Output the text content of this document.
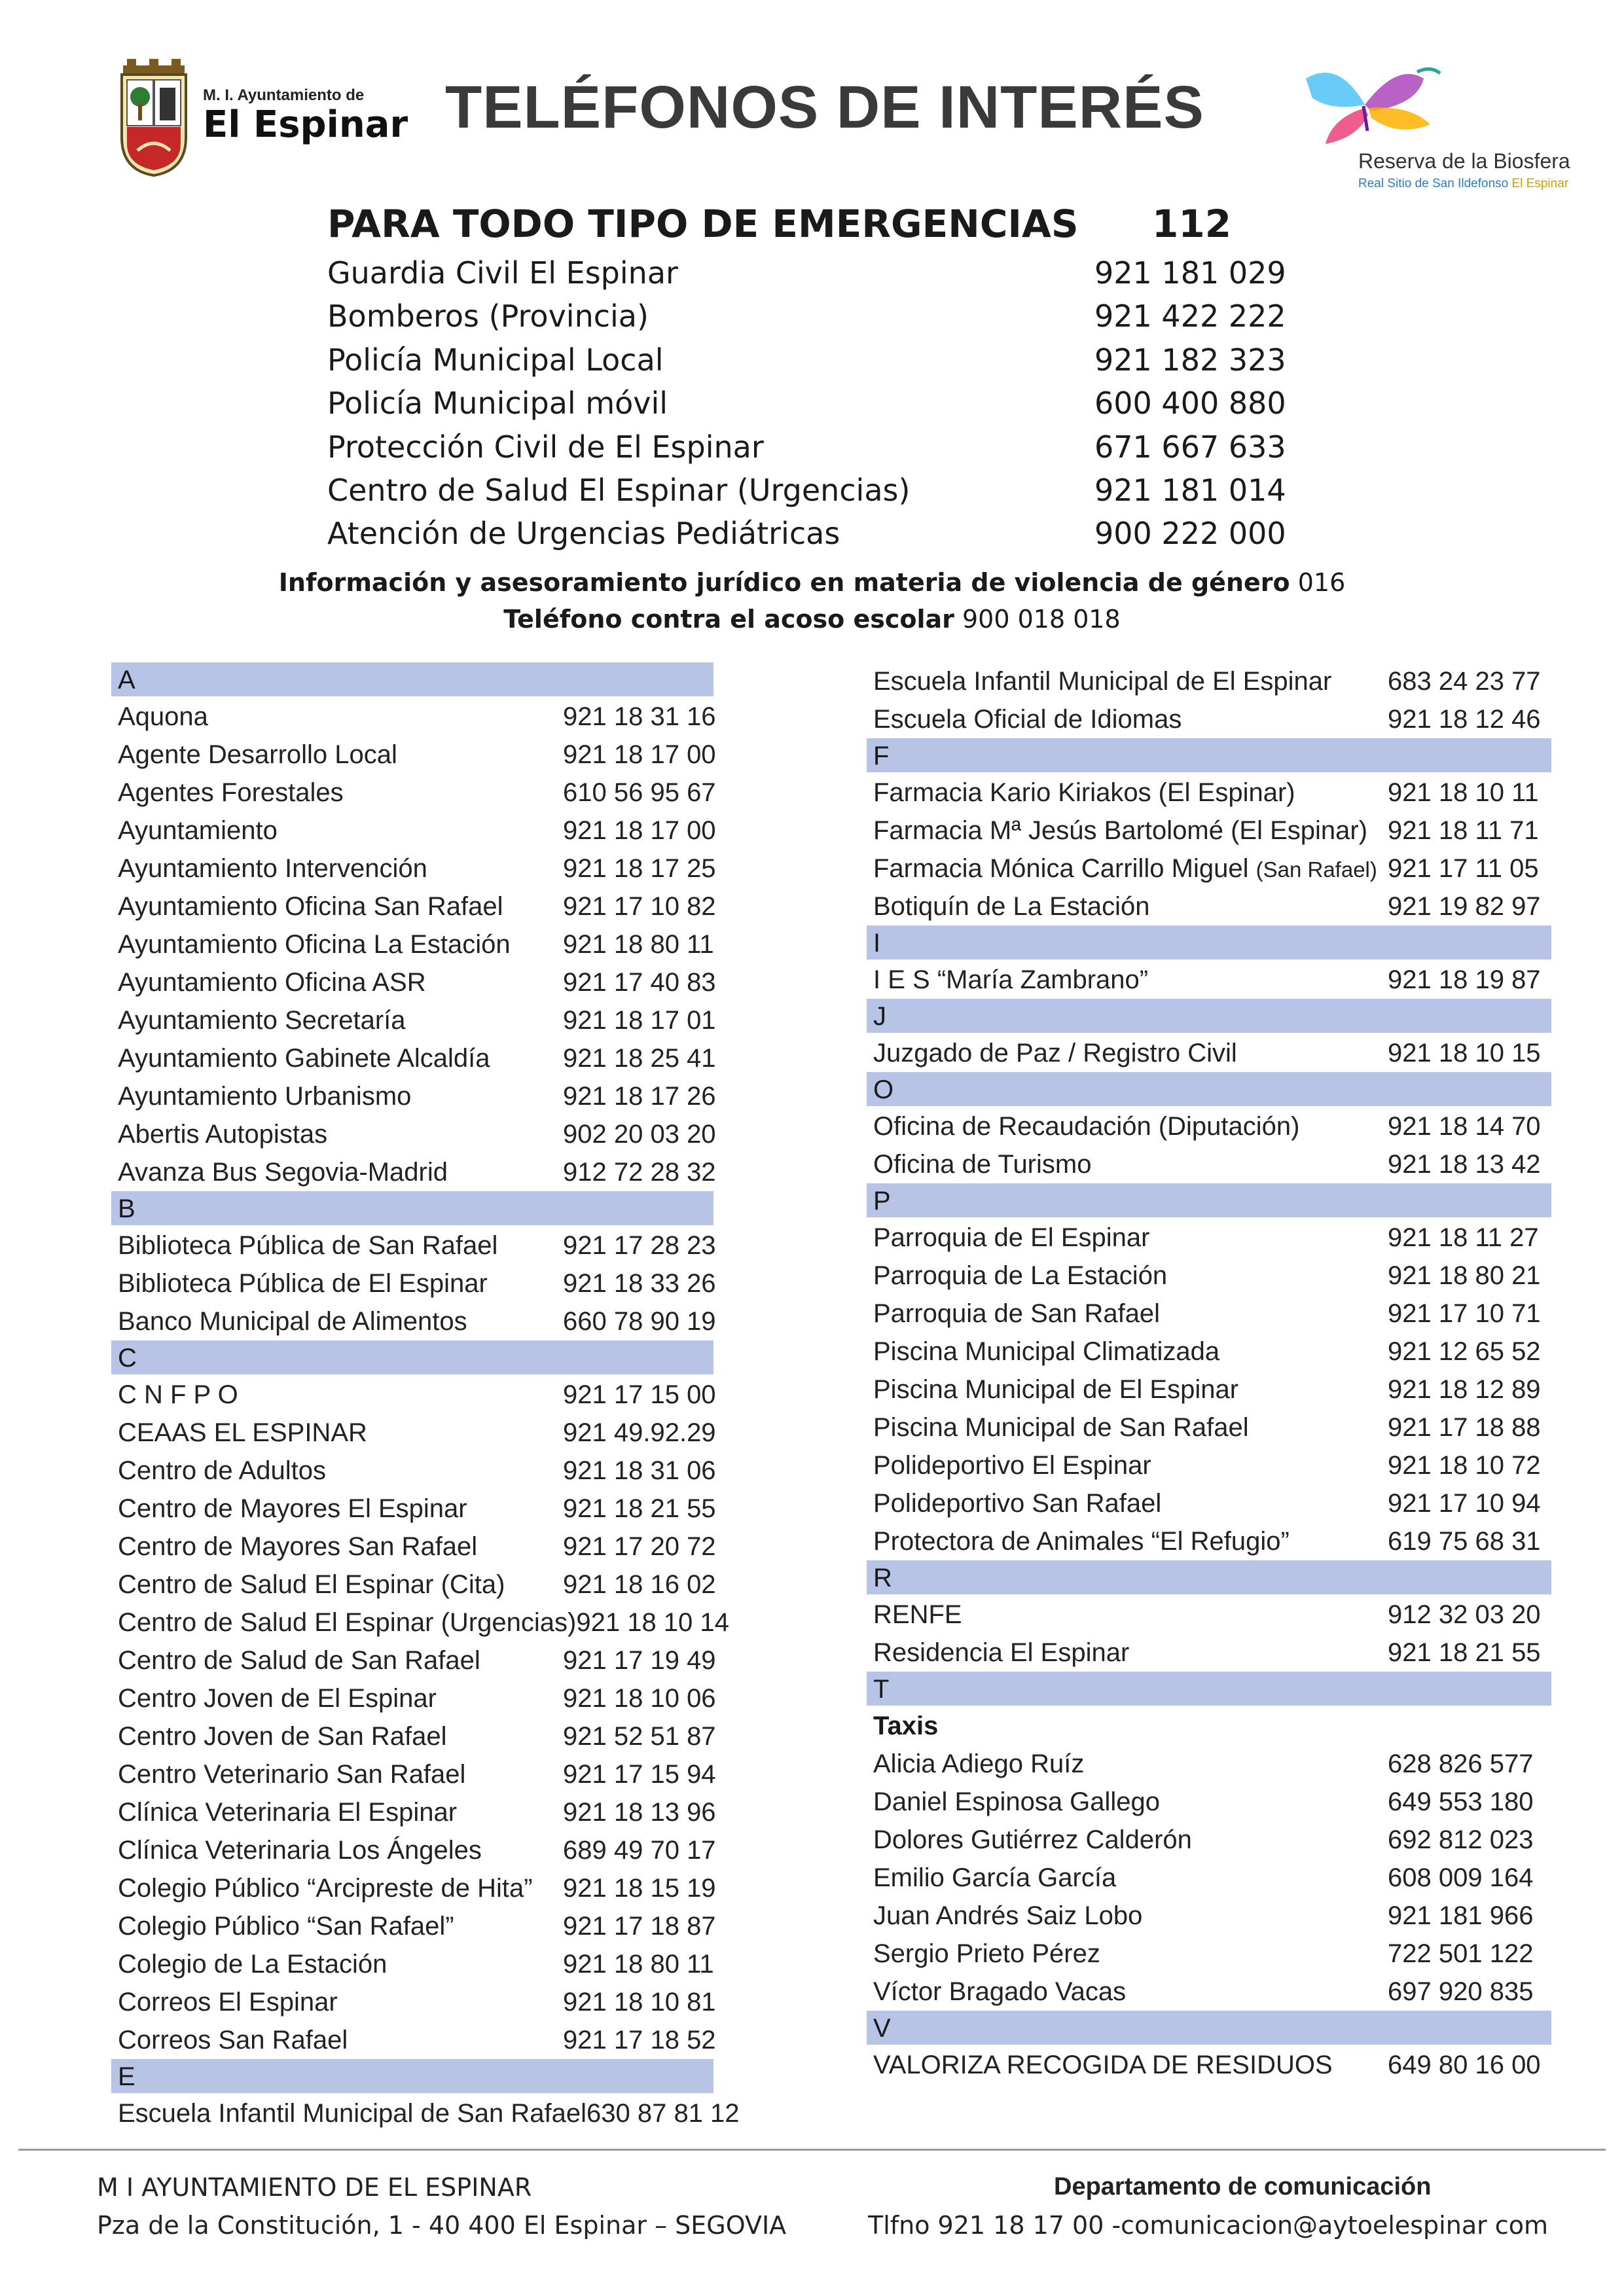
M. I. Ayuntamiento de
El Espinar TELÉFONOS DE INTERÉS
Reserva de la Biosfera
Real Sitio de San Ildefonso El Espinar
PARA TODO TIPO DE EMERGENCIAS 112
Guardia Civil El Espinar	921 181 029
Bomberos (Provincia)	921 422 222
Policía Municipal Local	921 182 323
Policía Municipal móvil	600 400 880
Protección Civil de El Espinar	671 667 633
Centro de Salud El Espinar (Urgencias)	921 181 014
Atención de Urgencias Pediátricas	900 222 000
Información y asesoramiento jurídico en materia de violencia de género 016
Teléfono contra el acoso escolar 900 018 018
A
Aquona	921 18 31 16
Agente Desarrollo Local	921 18 17 00
Agentes Forestales	610 56 95 67
Ayuntamiento	921 18 17 00
Ayuntamiento Intervención	921 18 17 25
Ayuntamiento Oficina San Rafael 921 17 10 82
Ayuntamiento Oficina La Estación 921 18 80 11
Ayuntamiento Oficina ASR	921 17 40 83
Ayuntamiento Secretaría	921 18 17 01
Ayuntamiento Gabinete Alcaldía	921 18 25 41
Ayuntamiento Urbanismo	921 18 17 26
Abertis Autopistas	902 20 03 20
Avanza Bus Segovia-Madrid	912 72 28 32
B
Biblioteca Pública de San Rafael 921 17 28 23
Biblioteca Pública de El Espinar	921 18 33 26
Banco Municipal de Alimentos	660 78 90 19
C
C N F P O	921 17 15 00
CEAAS EL ESPINAR	921 49.92.29
Centro de Adultos	921 18 31 06
Centro de Mayores El Espinar	921 18 21 55
Centro de Mayores San Rafael	921 17 20 72
Centro de Salud El Espinar (Cita) 921 18 16 02
Centro de Salud El Espinar (Urgencias) 921 18 10 14
Centro de Salud de San Rafael	921 17 19 49
Centro Joven de El Espinar	921 18 10 06
Centro Joven de San Rafael	921 52 51 87
Centro Veterinario San Rafael	921 17 15 94
Clínica Veterinaria El Espinar	921 18 13 96
Clínica Veterinaria Los Ángeles	689 49 70 17
Colegio Público “Arcipreste de Hita” 921 18 15 19
Colegio Público “San Rafael”	921 17 18 87
Colegio de La Estación	921 18 80 11
Correos El Espinar	921 18 10 81
Correos San Rafael	921 17 18 52
E
Escuela Infantil Municipal de San Rafael 630 87 81 12
Escuela Infantil Municipal de El Espinar 683 24 23 77
Escuela Oficial de Idiomas	921 18 12 46
F
Farmacia Kario Kiriakos (El Espinar)	921 18 10 11
Farmacia Mª Jesús Bartolomé (El Espinar) 921 18 11 71
Farmacia Mónica Carrillo Miguel (San Rafael) 921 17 11 05
Botiquín de La Estación	921 19 82 97
I
I E S “María Zambrano”	921 18 19 87
J
Juzgado de Paz / Registro Civil	921 18 10 15
O
Oficina de Recaudación (Diputación)	921 18 14 70
Oficina de Turismo	921 18 13 42
P
Parroquia de El Espinar	921 18 11 27
Parroquia de La Estación	921 18 80 21
Parroquia de San Rafael	921 17 10 71
Piscina Municipal Climatizada	921 12 65 52
Piscina Municipal de El Espinar	921 18 12 89
Piscina Municipal de San Rafael	921 17 18 88
Polideportivo El Espinar	921 18 10 72
Polideportivo San Rafael	921 17 10 94
Protectora de Animales “El Refugio”	619 75 68 31
R
RENFE	912 32 03 20
Residencia El Espinar	921 18 21 55
T
Taxis
Alicia Adiego Ruíz	628 826 577
Daniel Espinosa Gallego	649 553 180
Dolores Gutiérrez Calderón	692 812 023
Emilio García García	608 009 164
Juan Andrés Saiz Lobo	921 181 966
Sergio Prieto Pérez	722 501 122
Víctor Bragado Vacas	697 920 835
V
VALORIZA RECOGIDA DE RESIDUOS 649 80 16 00
M I AYUNTAMIENTO DE EL ESPINAR
Pza de la Constitución, 1 - 40 400 El Espinar – SEGOVIA
Departamento de comunicación
Tlfno 921 18 17 00 -comunicacion@aytoelespinar com
